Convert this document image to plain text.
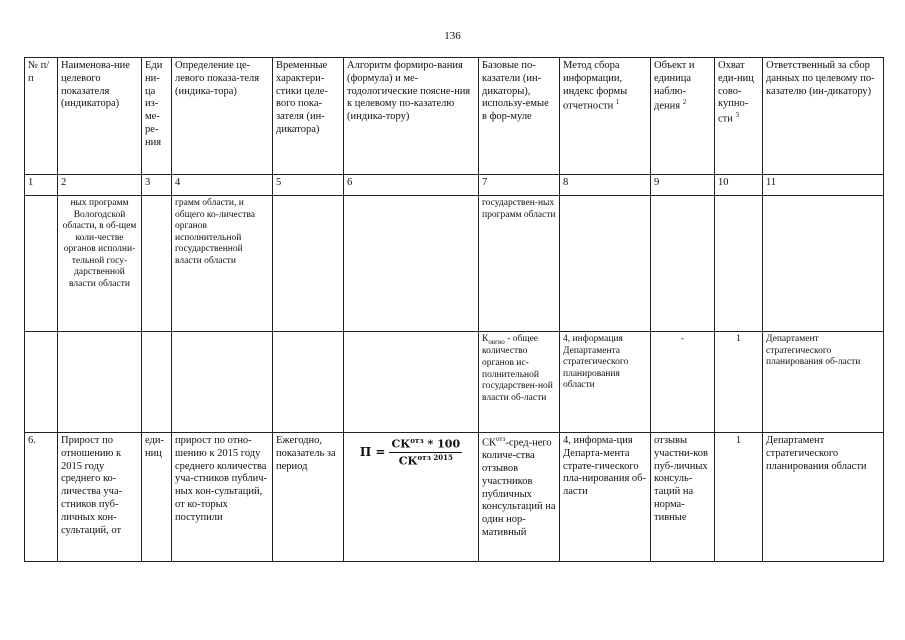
136
№ п/п	Наименова-ние целевого показателя (индикатора)	Еди ни-ца из-ме-ре-ния	Определение це-левого показа-теля (индика-тора)	Временные характери-стики целе-вого пока-зателя (ин-дикатора)	Алгоритм формиро-вания (формула) и ме-тодологические поясне-ния к целевому по-казателю (индика-тору)	Базовые по-казатели (ин-дикаторы), использу-емые в фор-муле	Метод сбора информации, индекс формы отчетности $^1$	Объект и единица наблю-дения $^2$	Охват еди-ниц сово-купно-сти $^3$	Ответственный за сбор данных по целевому по-казателю (ин-дикатору)
1	2	3	4	5	6	7	8	9	10	11
	ных программ Вологодской области, в об-щем коли-честве органов исполни-тельной госу-дарственной власти области		грамм области, и общего ко-личества органов исполнительной государственной власти области			государствен-ных программ области				
						$К_{овгво}$ - общее количество органов ис-полнительной государствен-ной власти об-ласти	4, информация Департамента стратегического планирования области	-	1	Департамент стратегического планирования об-ласти
6.	Прирост по отношению к 2015 году среднего ко-личества уча-стников пуб-личных кон-сультаций, от	еди-ниц	прирост по отно-шению к 2015 году среднего количества уча-стников публич-ных кон-сультаций, от ко-торых поступили	Ежегодно, показатель за период	$П = \frac{СК^{отз} * 100}{СК^{отз 2015}}$	$СК^{отз}-сред$-него количе-ства отзывов участников публичных консультаций на один нор-мативный	4, информа-ция Департа-мента страте-гического пла-нирования об-ласти	отзывы участни-ков пуб-личных консуль-таций на норма-тивные	1	Департамент стратегического планирования области
